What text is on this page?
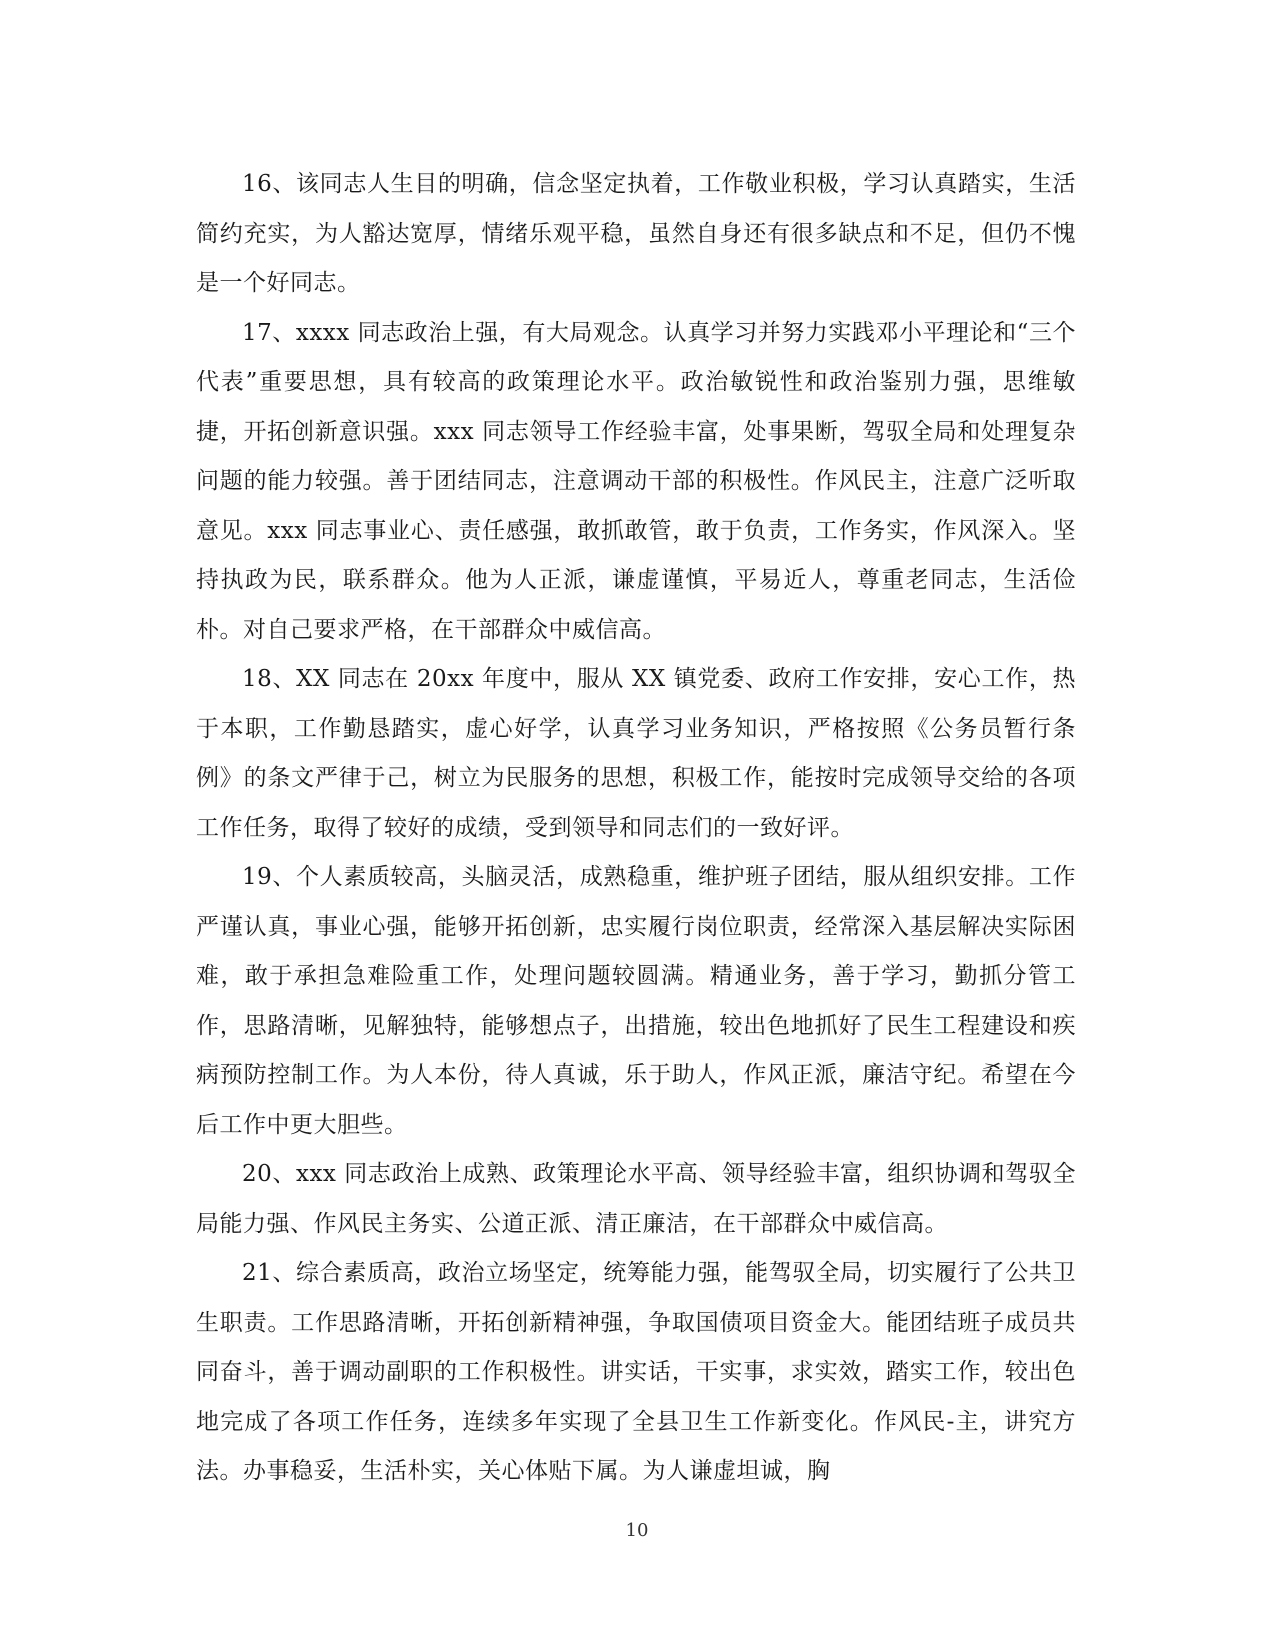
16、该同志人生目的明确，信念坚定执着，工作敬业积极，学习认真踏实，生活简约充实，为人豁达宽厚，情绪乐观平稳，虽然自身还有很多缺点和不足，但仍不愧是一个好同志。

17、xxxx 同志政治上强，有大局观念。认真学习并努力实践邓小平理论和“三个代表”重要思想，具有较高的政策理论水平。政治敏锐性和政治鉴别力强，思维敏捷，开拓创新意识强。xxx 同志领导工作经验丰富，处事果断，驾驭全局和处理复杂问题的能力较强。善于团结同志，注意调动干部的积极性。作风民主，注意广泛听取意见。xxx 同志事业心、责任感强，敢抓敢管，敢于负责，工作务实，作风深入。坚持执政为民，联系群众。他为人正派，谦虚谨慎，平易近人，尊重老同志，生活俭朴。对自己要求严格，在干部群众中威信高。

18、XX 同志在 20xx 年度中，服从 XX 镇党委、政府工作安排，安心工作，热于本职，工作勤恳踏实，虚心好学，认真学习业务知识，严格按照《公务员暂行条例》的条文严律于己，树立为民服务的思想，积极工作，能按时完成领导交给的各项工作任务，取得了较好的成绩，受到领导和同志们的一致好评。

19、个人素质较高，头脑灵活，成熟稳重，维护班子团结，服从组织安排。工作严谨认真，事业心强，能够开拓创新，忠实履行岗位职责，经常深入基层解决实际困难，敢于承担急难险重工作，处理问题较圆满。精通业务，善于学习，勤抓分管工作，思路清晰，见解独特，能够想点子，出措施，较出色地抓好了民生工程建设和疾病预防控制工作。为人本份，待人真诚，乐于助人，作风正派，廉洁守纪。希望在今后工作中更大胆些。

20、xxx 同志政治上成熟、政策理论水平高、领导经验丰富，组织协调和驾驭全局能力强、作风民主务实、公道正派、清正廉洁，在干部群众中威信高。

21、综合素质高，政治立场坚定，统筹能力强，能驾驭全局，切实履行了公共卫生职责。工作思路清晰，开拓创新精神强，争取国债项目资金大。能团结班子成员共同奋斗，善于调动副职的工作积极性。讲实话，干实事，求实效，踏实工作，较出色地完成了各项工作任务，连续多年实现了全县卫生工作新变化。作风民-主，讲究方法。办事稳妥，生活朴实，关心体贴下属。为人谦虚坦诚，胸

10
